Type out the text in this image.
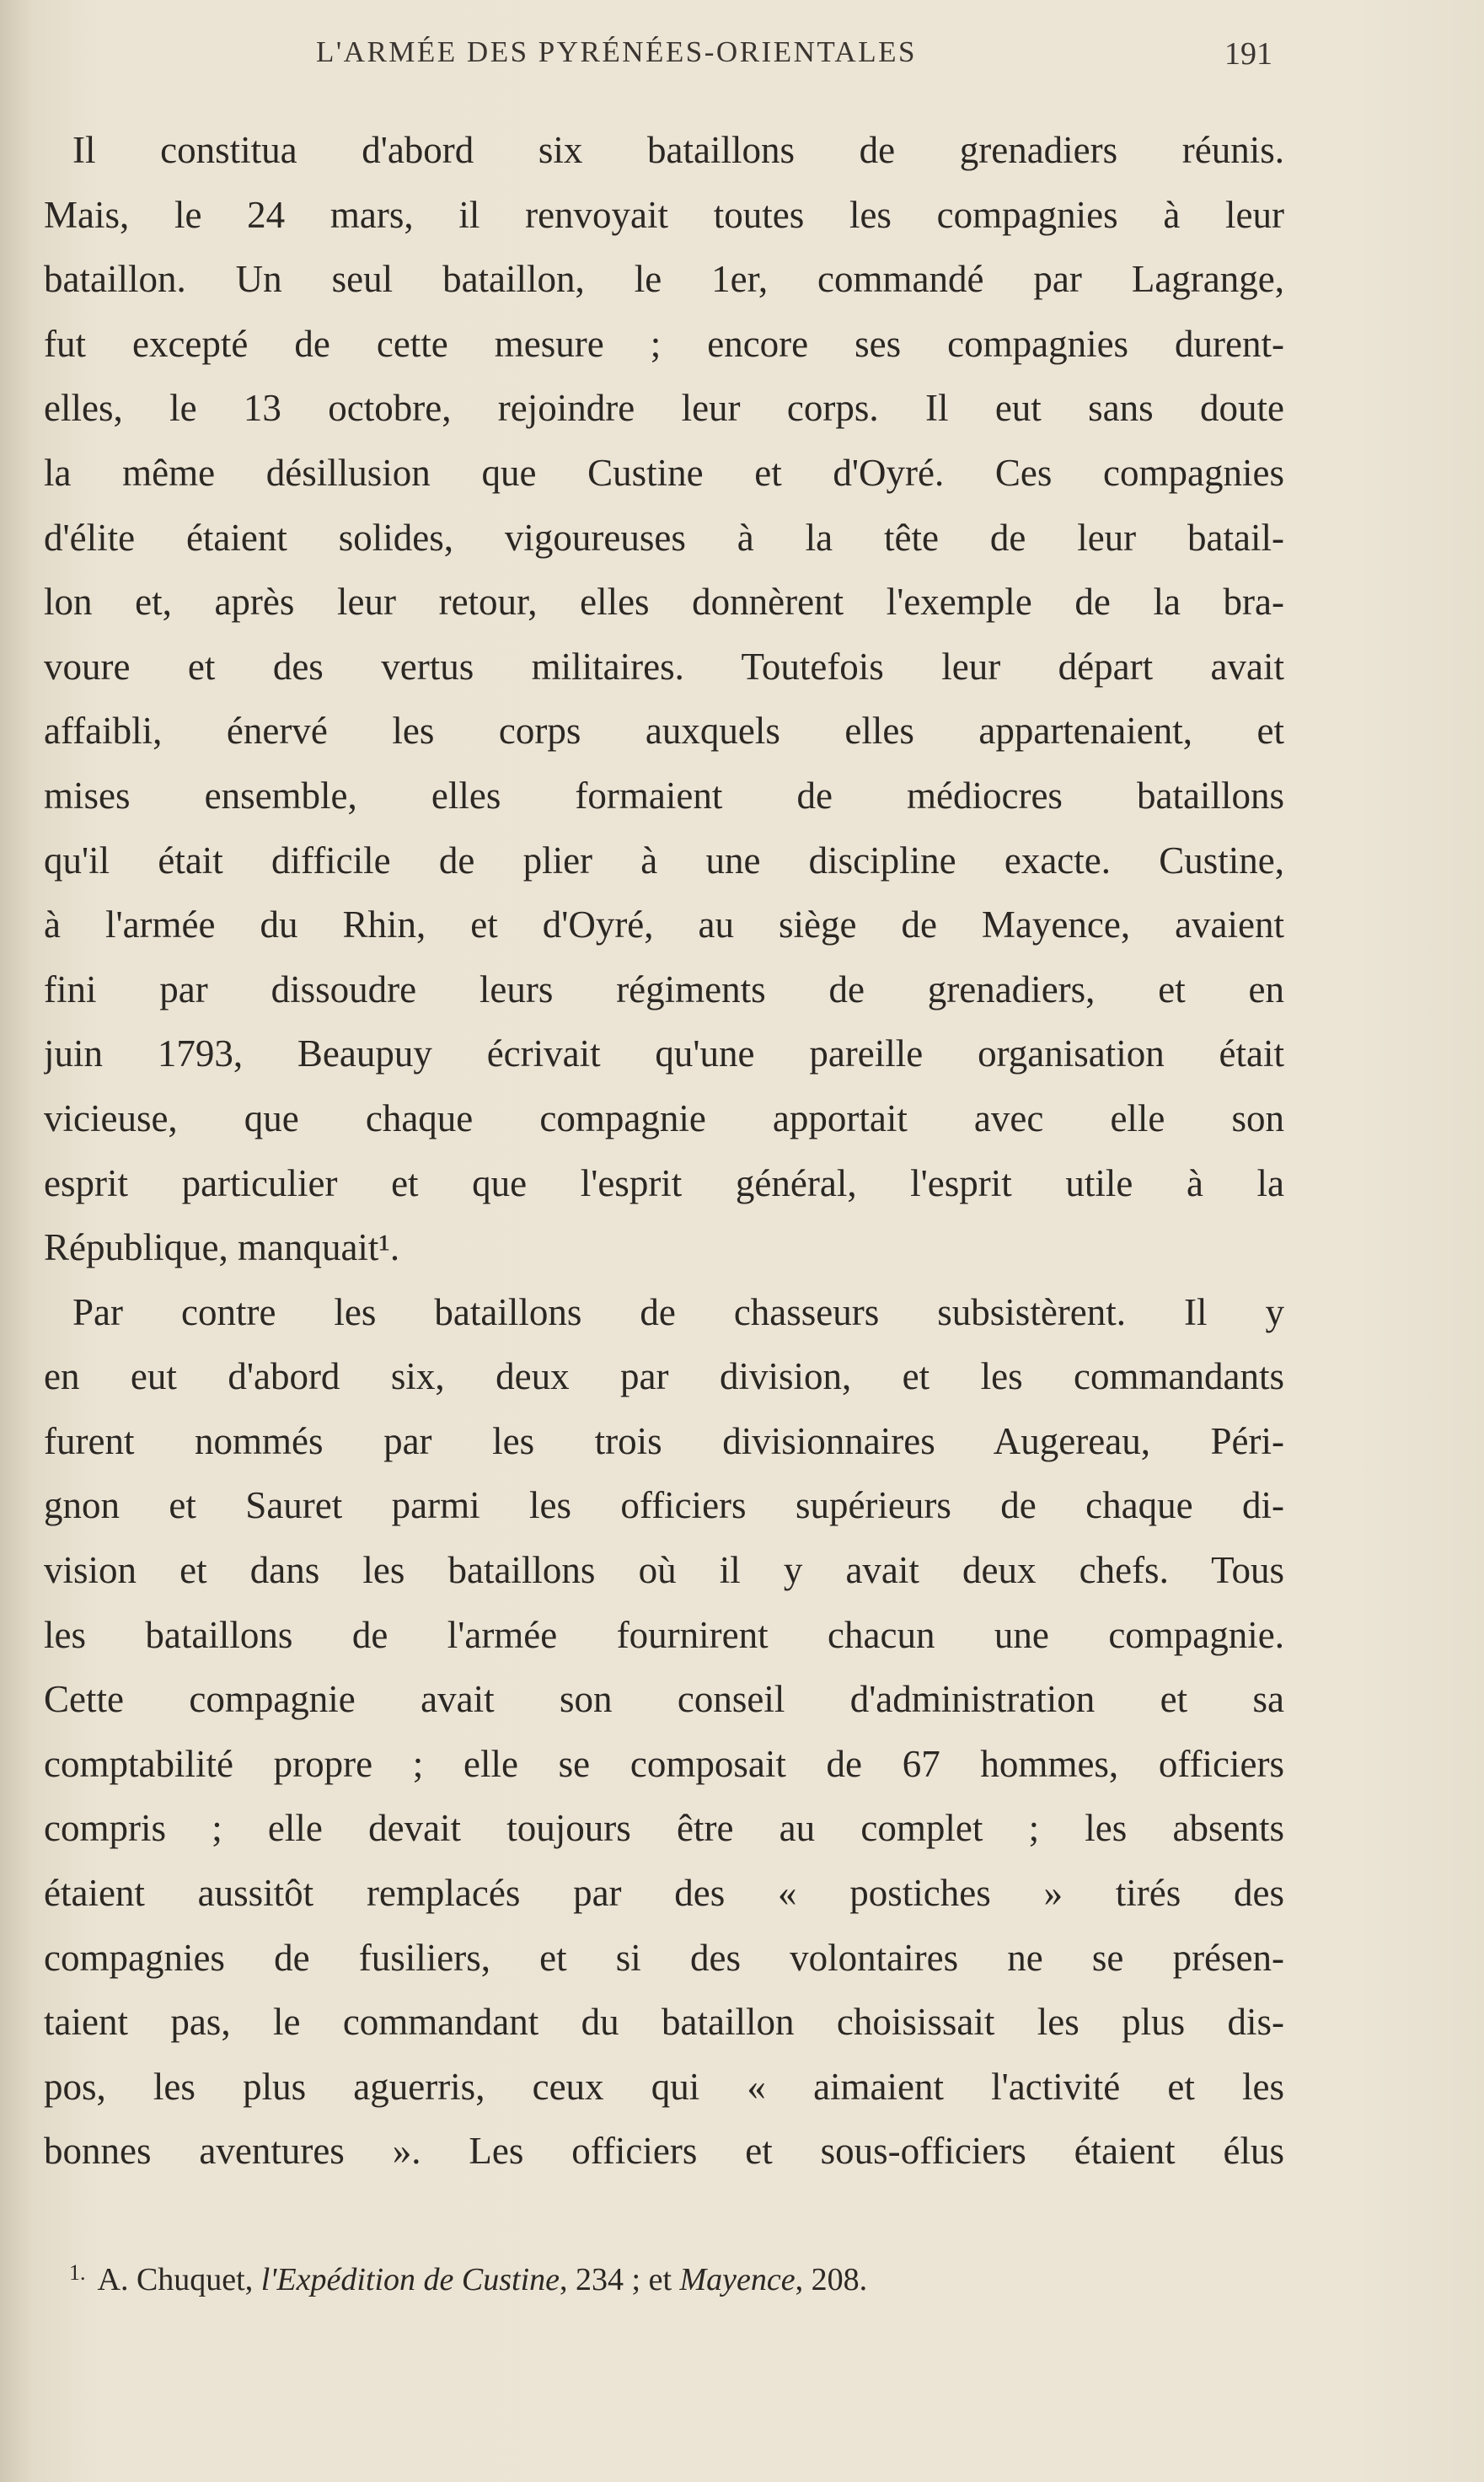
L'ARMÉE DES PYRÉNÉES-ORIENTALES	191
Il constitua d'abord six bataillons de grenadiers réunis.
Mais, le 24 mars, il renvoyait toutes les compagnies à leur
bataillon. Un seul bataillon, le 1er, commandé par Lagrange,
fut excepté de cette mesure ; encore ses compagnies durent-
elles, le 13 octobre, rejoindre leur corps. Il eut sans doute
la même désillusion que Custine et d'Oyré. Ces compagnies
d'élite étaient solides, vigoureuses à la tête de leur batail-
lon et, après leur retour, elles donnèrent l'exemple de la bra-
voure et des vertus militaires. Toutefois leur départ avait
affaibli, énervé les corps auxquels elles appartenaient, et
mises ensemble, elles formaient de médiocres bataillons
qu'il était difficile de plier à une discipline exacte. Custine,
à l'armée du Rhin, et d'Oyré, au siège de Mayence, avaient
fini par dissoudre leurs régiments de grenadiers, et en
juin 1793, Beaupuy écrivait qu'une pareille organisation était
vicieuse, que chaque compagnie apportait avec elle son
esprit particulier et que l'esprit général, l'esprit utile à la
République, manquait¹.
Par contre les bataillons de chasseurs subsistèrent. Il y
en eut d'abord six, deux par division, et les commandants
furent nommés par les trois divisionnaires Augereau, Péri-
gnon et Sauret parmi les officiers supérieurs de chaque di-
vision et dans les bataillons où il y avait deux chefs. Tous
les bataillons de l'armée fournirent chacun une compagnie.
Cette compagnie avait son conseil d'administration et sa
comptabilité propre ; elle se composait de 67 hommes, officiers
compris ; elle devait toujours être au complet ; les absents
étaient aussitôt remplacés par des « postiches » tirés des
compagnies de fusiliers, et si des volontaires ne se présen-
taient pas, le commandant du bataillon choisissait les plus dis-
pos, les plus aguerris, ceux qui « aimaient l'activité et les
bonnes aventures ». Les officiers et sous-officiers étaient élus
$^{1.}$ A. Chuquet, l'Expédition de Custine, 234 ; et Mayence, 208.
